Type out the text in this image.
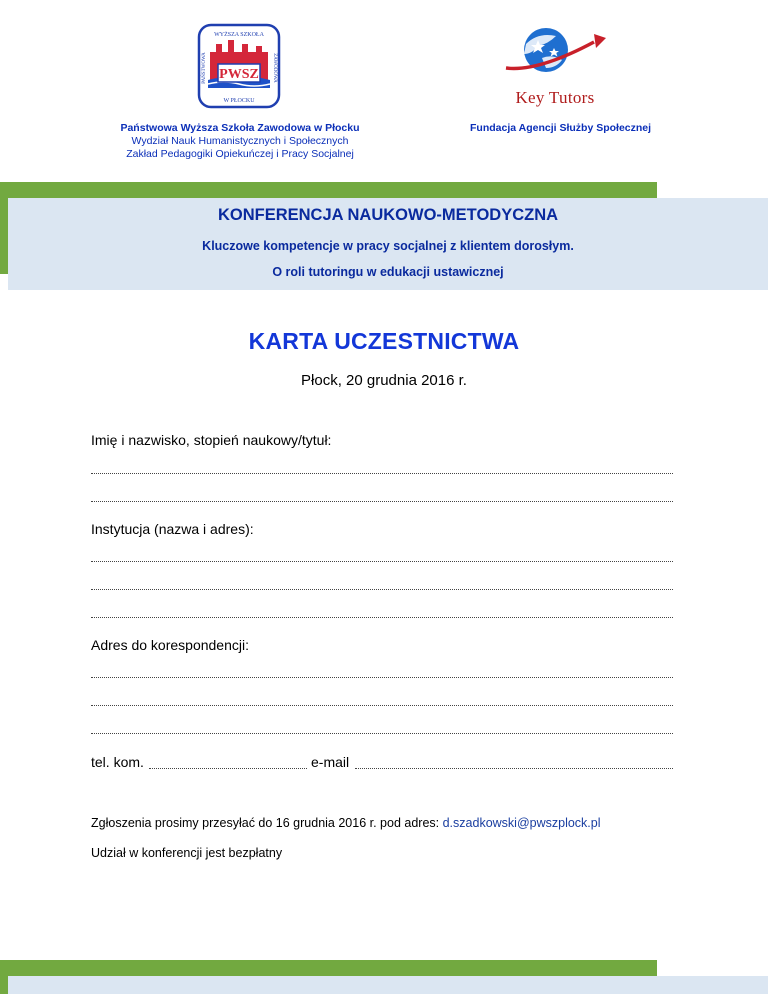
PWSZ
WYŻSZA SZKOŁA
PAŃSTWOWA	ZAWODOWA
W PŁOCKU	Key Tutors
Państwowa Wyższa Szkoła Zawodowa w Płocku
Wydział Nauk Humanistycznych i Społecznych
Zakład Pedagogiki Opiekuńczej i Pracy Socjalnej
Fundacja Agencji Służby Społecznej
KONFERENCJA NAUKOWO-METODYCZNA
Kluczowe kompetencje w pracy socjalnej z klientem dorosłym.
O roli tutoringu w edukacji ustawicznej
KARTA UCZESTNICTWA
Płock, 20 grudnia 2016 r.
Imię i nazwisko, stopień naukowy/tytuł:
Instytucja (nazwa i adres):
Adres do korespondencji:
tel. kom.	e-mail
Zgłoszenia prosimy przesyłać do 16 grudnia 2016 r. pod adres: d.szadkowski@pwszplock.pl
Udział w konferencji jest bezpłatny
